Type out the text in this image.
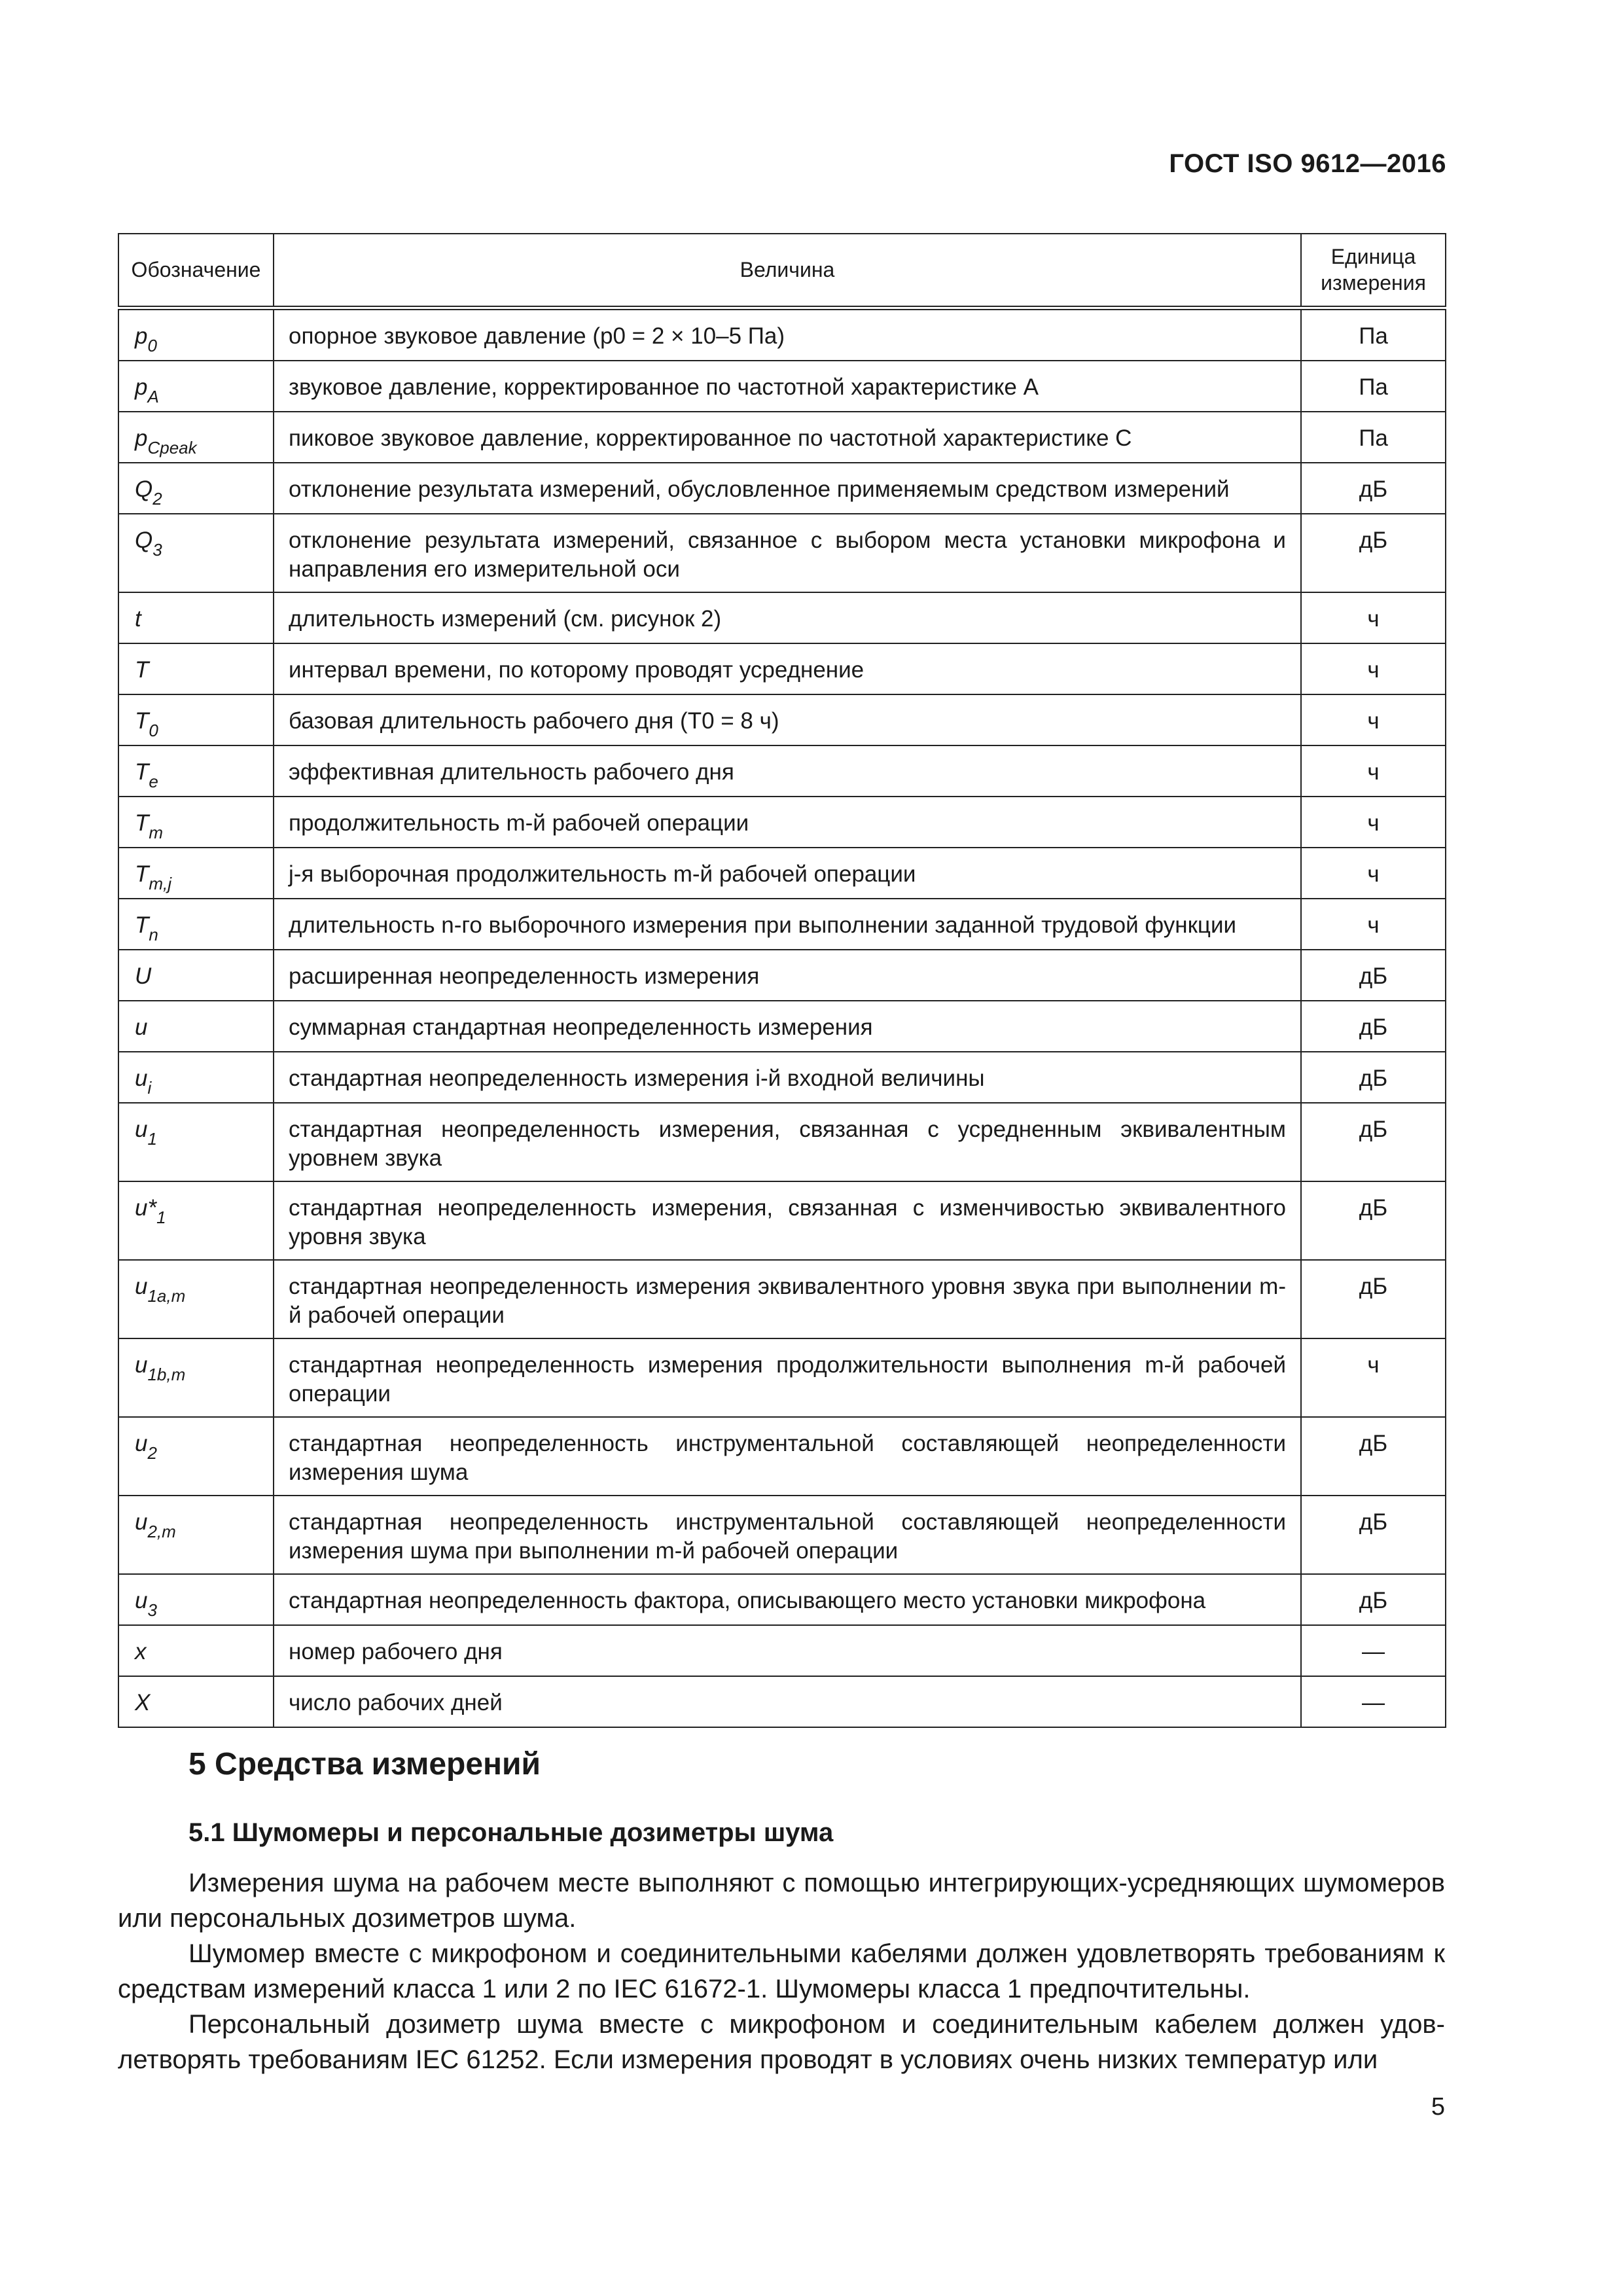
ГОСТ ISO 9612—2016
Обозначение	Величина	Единица измерения
$p_0$	опорное звуковое давление (p0 = 2 × 10–5 Па)	Па
$p_A$	звуковое давление, корректированное по частотной характеристике А	Па
$p_{Cpeak}$	пиковое звуковое давление, корректированное по частотной характеристике С	Па
$Q_2$	отклонение результата измерений, обусловленное применяемым средством измерений	дБ
$Q_3$	отклонение результата измерений, связанное с выбором места установки микрофона и направления его измерительной оси	дБ
t	длительность измерений (см. рисунок 2)	ч
T	интервал времени, по которому проводят усреднение	ч
$T_0$	базовая длительность рабочего дня (T0 = 8 ч)	ч
$T_e$	эффективная длительность рабочего дня	ч
$T_m$	продолжительность m-й рабочей операции	ч
$T_{m,j}$	j-я выборочная продолжительность m-й рабочей операции	ч
$T_n$	длительность n-го выборочного измерения при выполнении заданной трудовой функции	ч
U	расширенная неопределенность измерения	дБ
u	суммарная стандартная неопределенность измерения	дБ
$u_i$	стандартная неопределенность измерения i-й входной величины	дБ
$u_1$	стандартная неопределенность измерения, связанная с усредненным эквивалентным уровнем звука	дБ
$u*_1$	стандартная неопределенность измерения, связанная с изменчивостью эквивалентного уровня звука	дБ
$u_{1a,m}$	стандартная неопределенность измерения эквивалентного уровня звука при выполнении m-й рабочей операции	дБ
$u_{1b,m}$	стандартная неопределенность измерения продолжительности выполнения m-й рабочей операции	ч
$u_2$	стандартная неопределенность инструментальной составляющей неопределенности измерения шума	дБ
$u_{2,m}$	стандартная неопределенность инструментальной составляющей неопределенности измерения шума при выполнении m-й рабочей операции	дБ
$u_3$	стандартная неопределенность фактора, описывающего место установки микрофона	дБ
x	номер рабочего дня	—
X	число рабочих дней	—
5 Средства измерений
5.1 Шумомеры и персональные дозиметры шума

Измерения шума на рабочем месте выполняют с помощью интегрирующих-усредняющих шумомеров или персональных дозиметров шума.

Шумомер вместе с микрофоном и соединительными кабелями должен удовлетворять требованиям к средствам измерений класса 1 или 2 по IEC 61672-1. Шумомеры класса 1 предпочтительны.

Персональный дозиметр шума вместе с микрофоном и соединительным кабелем должен удовлетворять требованиям IEC 61252. Если измерения проводят в условиях очень низких температур или

5
